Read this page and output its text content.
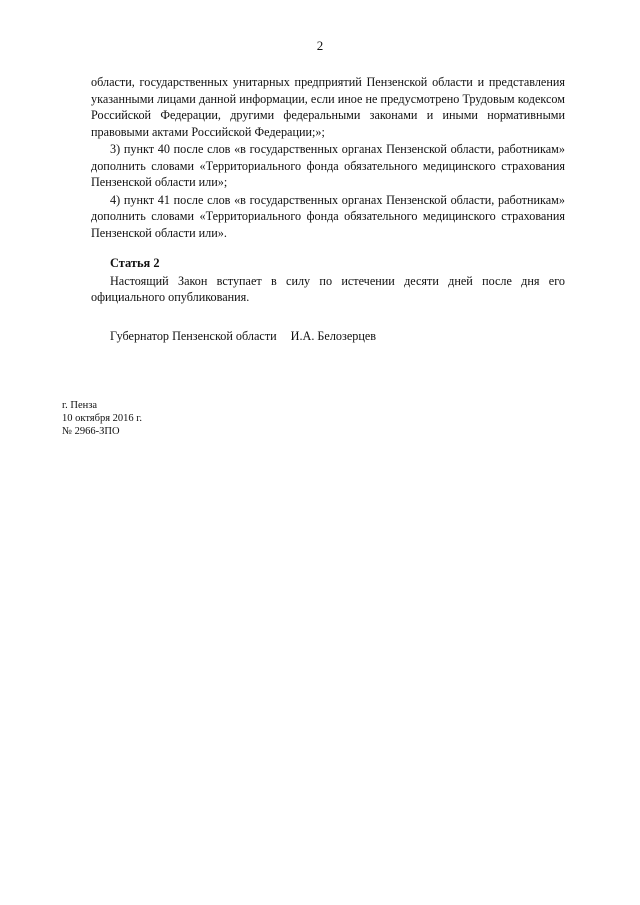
2

области, государственных унитарных предприятий Пензенской области и представления указанными лицами данной информации, если иное не предусмотрено Трудовым кодексом Российской Федерации, другими федеральными законами и иными нормативными правовыми актами Российской Федерации;»;

3) пункт 40 после слов «в государственных органах Пензенской области, работникам» дополнить словами «Территориального фонда обязательного медицинского страхования Пензенской области или»;

4) пункт 41 после слов «в государственных органах Пензенской области, работникам» дополнить словами «Территориального фонда обязательного медицинского страхования Пензенской области или».

Статья 2

Настоящий Закон вступает в силу по истечении десяти дней после дня его официального опубликования.

Губернатор Пензенской области И.А. Белозерцев
г. Пенза
10 октября 2016 г.
№ 2966-ЗПО
